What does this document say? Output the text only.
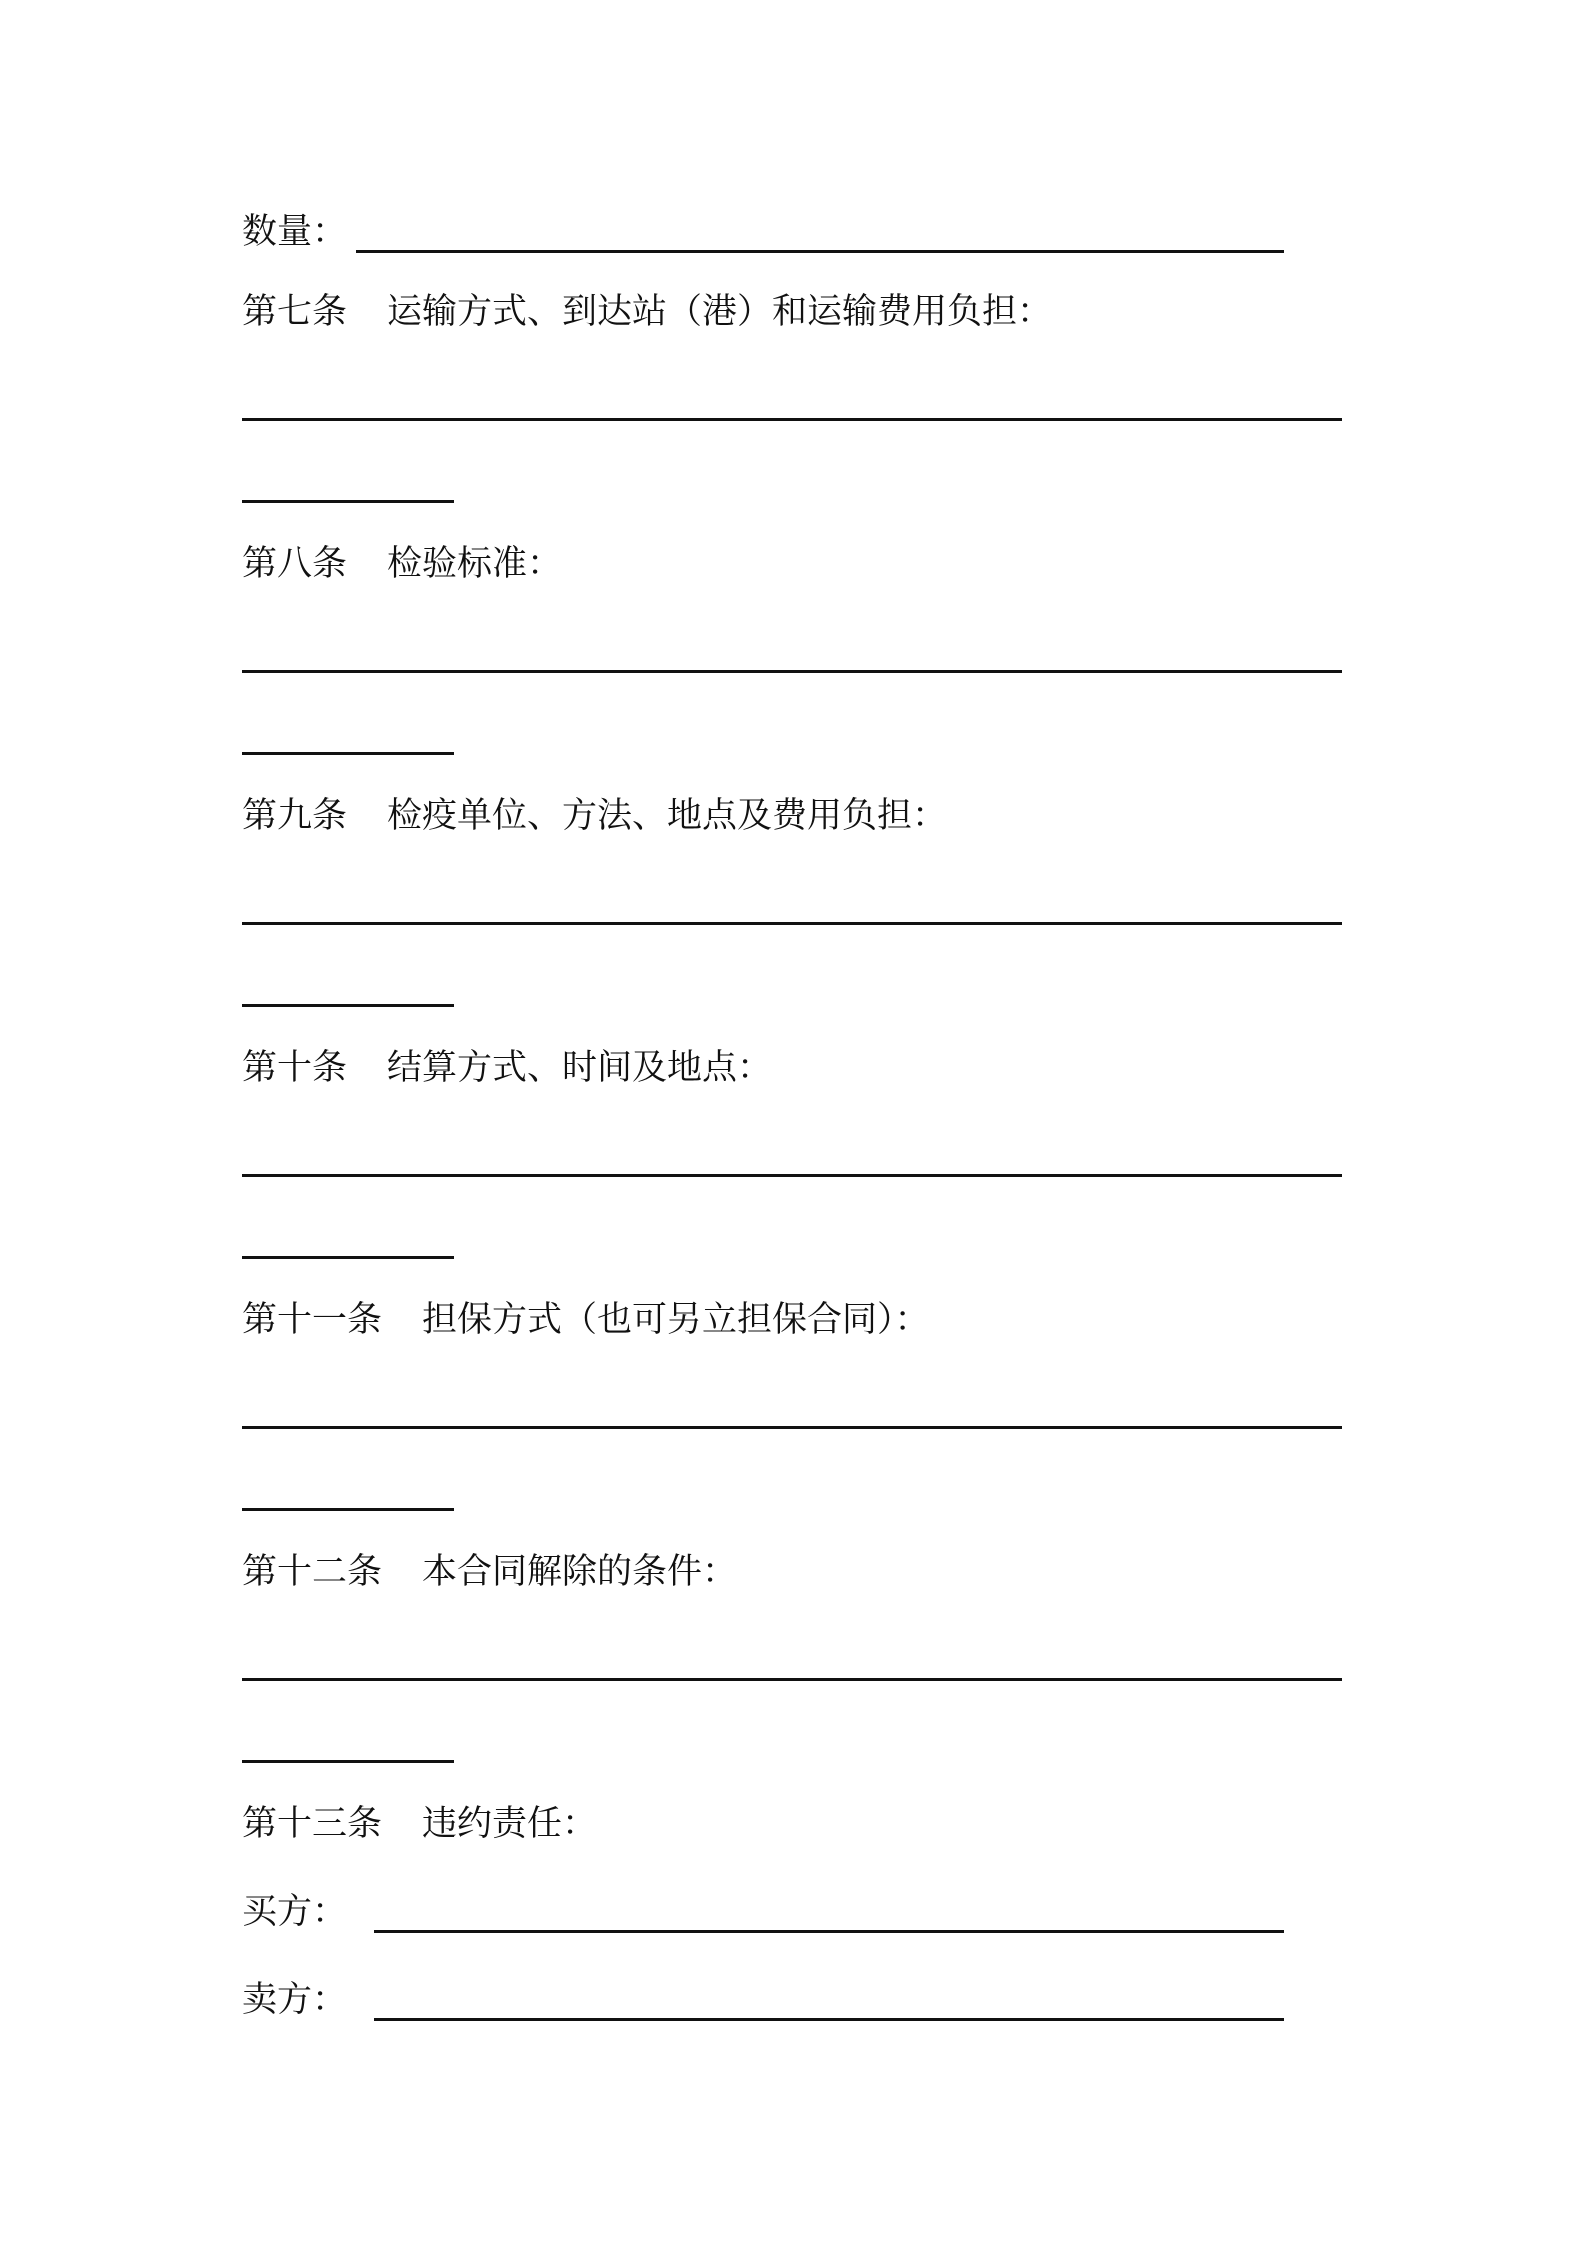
数量：
第七条 运输方式、到达站（港）和运输费用负担：
第八条 检验标准：
第九条 检疫单位、方法、地点及费用负担：
第十条 结算方式、时间及地点：
第十一条 担保方式（也可另立担保合同）：
第十二条 本合同解除的条件：
第十三条 违约责任：
买方：
卖方：
